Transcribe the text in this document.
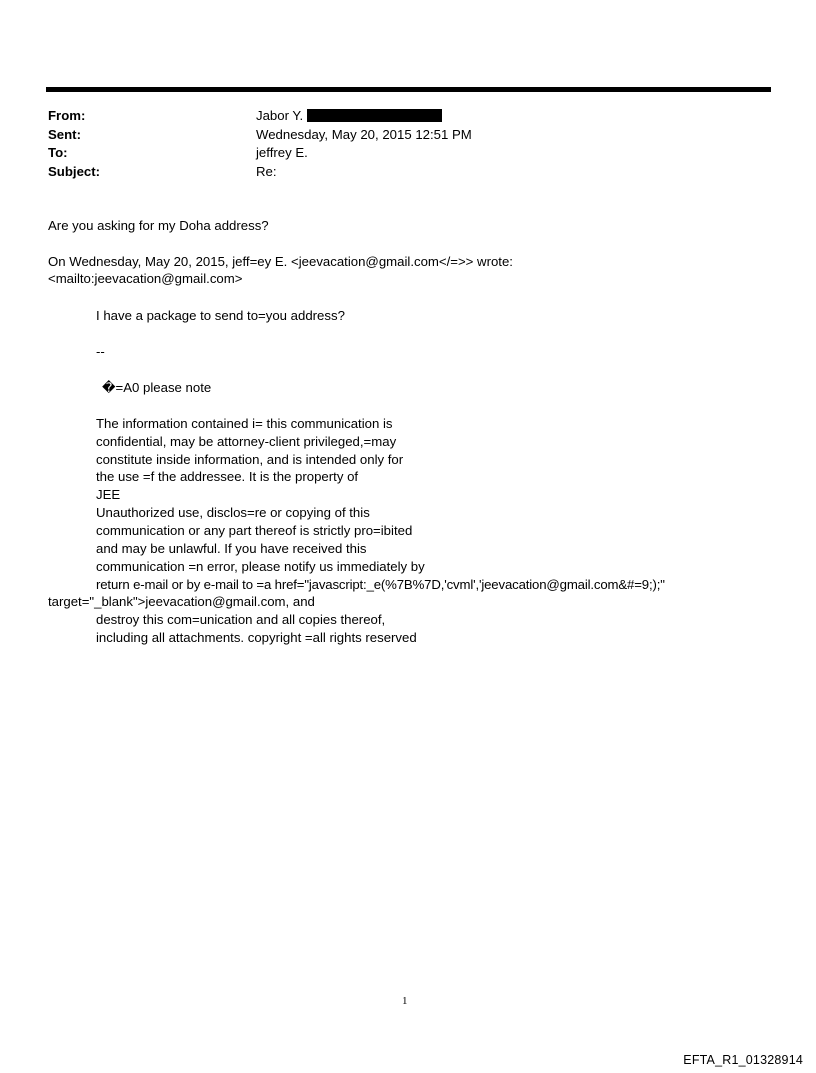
From:	Jabor Y.
Sent:	Wednesday, May 20, 2015 12:51 PM
To:	jeffrey E.
Subject:	Re:
Are you asking for my Doha address?
On Wednesday, May 20, 2015, jeff=ey E. <jeevacation@gmail.com</=>> wrote:
<mailto:jeevacation@gmail.com>
I have a package to send to=you address?
--
�=A0 please note
The information contained i= this communication is
confidential, may be attorney-client privileged,=may
constitute inside information, and is intended only for
the use =f the addressee. It is the property of
JEE
Unauthorized use, disclos=re or copying of this
communication or any part thereof is strictly pro=ibited
and may be unlawful. If you have received this
communication =n error, please notify us immediately by
return e-mail or by e-mail to =a href="javascript:_e(%7B%7D,'cvml','jeevacation@gmail.com&#=9;);"
target="_blank">jeevacation@gmail.com, and
destroy this com=unication and all copies thereof,
including all attachments. copyright =all rights reserved
1
EFTA_R1_01328914
